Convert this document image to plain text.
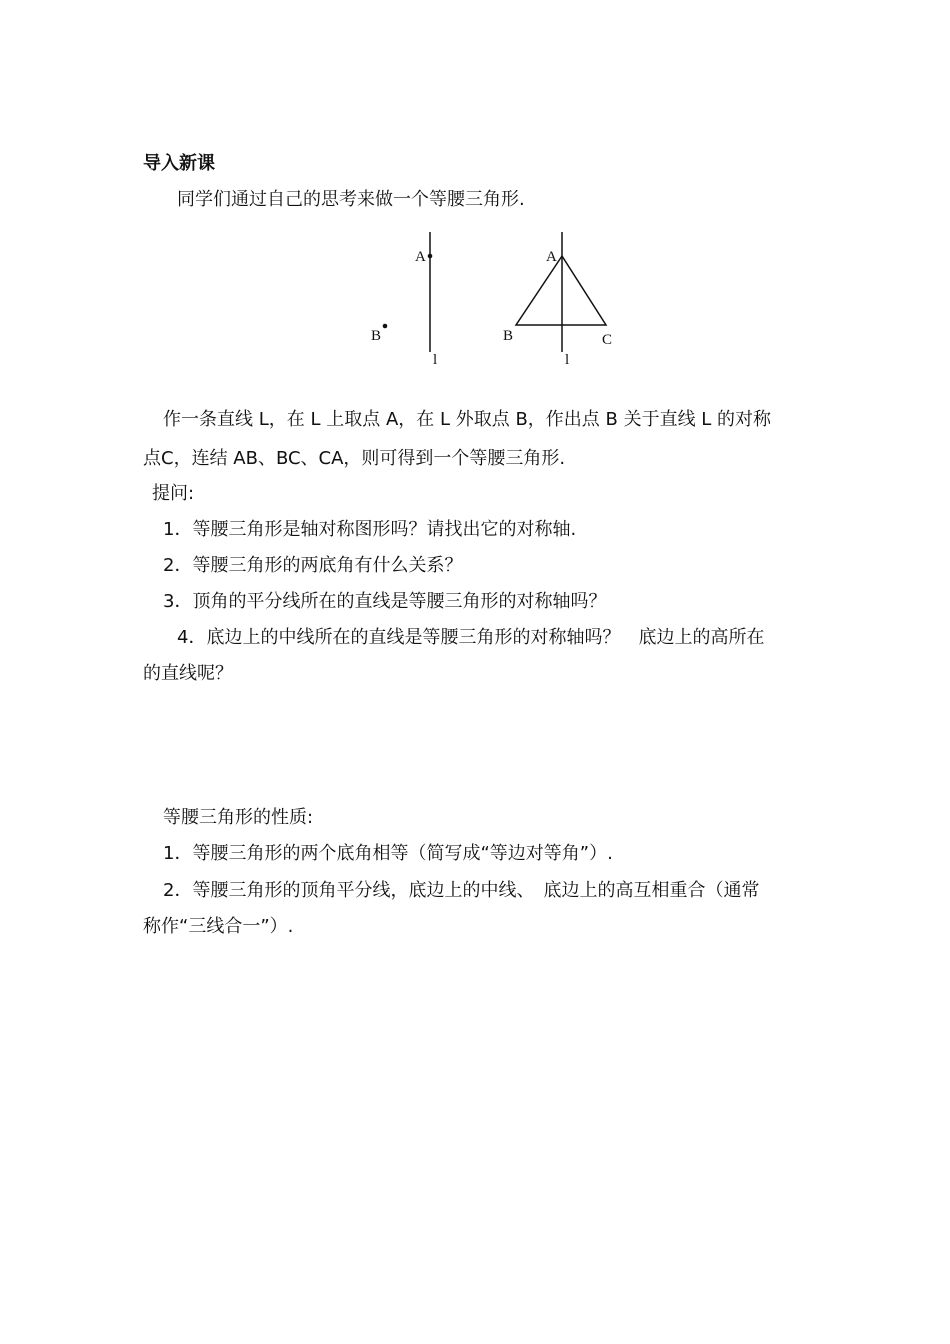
导入新课
同学们通过自己的思考来做一个等腰三角形.
A
B
l
A
B	C
l
作一条直线 L，在 L 上取点 A，在 L 外取点 B，作出点 B 关于直线 L 的对称
点C，连结 AB、BC、CA，则可得到一个等腰三角形.
提问:
1．等腰三角形是轴对称图形吗？请找出它的对称轴.
2．等腰三角形的两底角有什么关系？
3．顶角的平分线所在的直线是等腰三角形的对称轴吗？
4．底边上的中线所在的直线是等腰三角形的对称轴吗？　底边上的高所在
的直线呢？
等腰三角形的性质:
1．等腰三角形的两个底角相等（简写成“等边对等角”）.
2．等腰三角形的顶角平分线，底边上的中线、　底边上的高互相重合（通常
称作“三线合一”）.
